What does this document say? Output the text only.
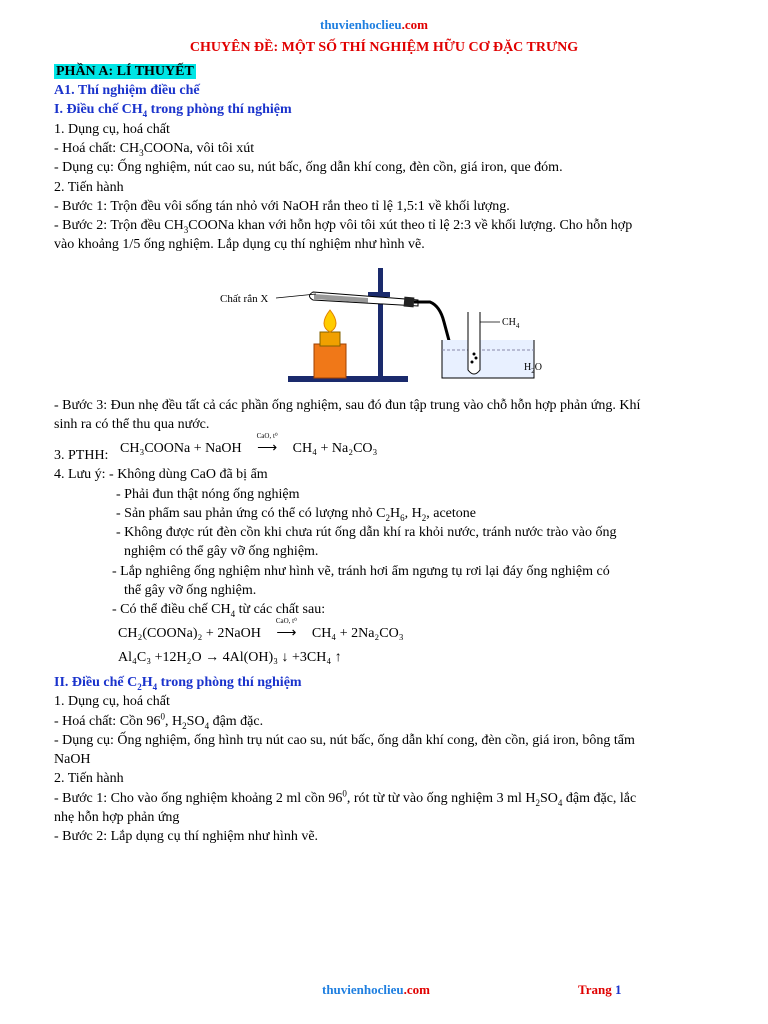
thuvienhoclieu.com
CHUYÊN ĐỀ: MỘT SỐ THÍ NGHIỆM HỮU CƠ ĐẶC TRƯNG
PHẦN A: LÍ THUYẾT
A1. Thí nghiệm điều chế
I. Điều chế $CH_4$ trong phòng thí nghiệm
1. Dụng cụ, hoá chất
- Hoá chất: $CH_3COONa$, vôi tôi xút
- Dụng cụ: Ống nghiệm, nút cao su, nút bấc, ống dẫn khí cong, đèn cồn, giá iron, que đóm.
2. Tiến hành
- Bước 1: Trộn đều vôi sống tán nhỏ với NaOH rắn theo tỉ lệ 1,5:1 về khối lượng.
- Bước 2: Trộn đều $CH_3COONa$ khan với hỗn hợp vôi tôi xút theo tỉ lệ 2:3 về khối lượng. Cho hỗn hợp
vào khoảng 1/5 ống nghiệm. Lắp dụng cụ thí nghiệm như hình vẽ.
Chất rắn X
$CH_4$
$H_2O$
- Bước 3: Đun nhẹ đều tất cả các phần ống nghiệm, sau đó đun tập trung vào chỗ hỗn hợp phản ứng. Khí
sinh ra có thể thu qua nước.
3. PTHH: CH₃COONa + NaOH
CaO, t⁰
⟶ CH₄ + Na₂CO₃
4. Lưu ý: - Không dùng CaO đã bị ẩm
- Phải đun thật nóng ống nghiệm
- Sản phẩm sau phản ứng có thể có lượng nhỏ $C_2H_6$, $H_2$, acetone
- Không được rút đèn cồn khi chưa rút ống dẫn khí ra khỏi nước, tránh nước trào vào ống
nghiệm có thể gây vỡ ống nghiệm.
- Lắp nghiêng ống nghiệm như hình vẽ, tránh hơi ẩm ngưng tụ rơi lại đáy ống nghiệm có
thể gây vỡ ống nghiệm.
- Có thể điều chế $CH_4$ từ các chất sau:
CH₂(COONa)₂ + 2NaOH
CaO, t⁰
⟶ CH₄ + 2Na₂CO₃
Al₄C₃ +12H₂O → 4Al(OH)₃ ↓ +3CH₄ ↑
II. Điều chế $C_2H_4$ trong phòng thí nghiệm
1. Dụng cụ, hoá chất
- Hoá chất: Cồn $96^0$, $H_2SO_4$ đậm đặc.
- Dụng cụ: Ống nghiệm, ống hình trụ nút cao su, nút bấc, ống dẫn khí cong, đèn cồn, giá iron, bông tẩm
NaOH
2. Tiến hành
- Bước 1: Cho vào ống nghiệm khoảng 2 ml cồn $96^0$, rót từ từ vào ống nghiệm 3 ml $H_2SO_4$ đậm đặc, lắc
nhẹ hỗn hợp phản ứng
- Bước 2: Lắp dụng cụ thí nghiệm như hình vẽ.
thuvienhoclieu.com	Trang 1
